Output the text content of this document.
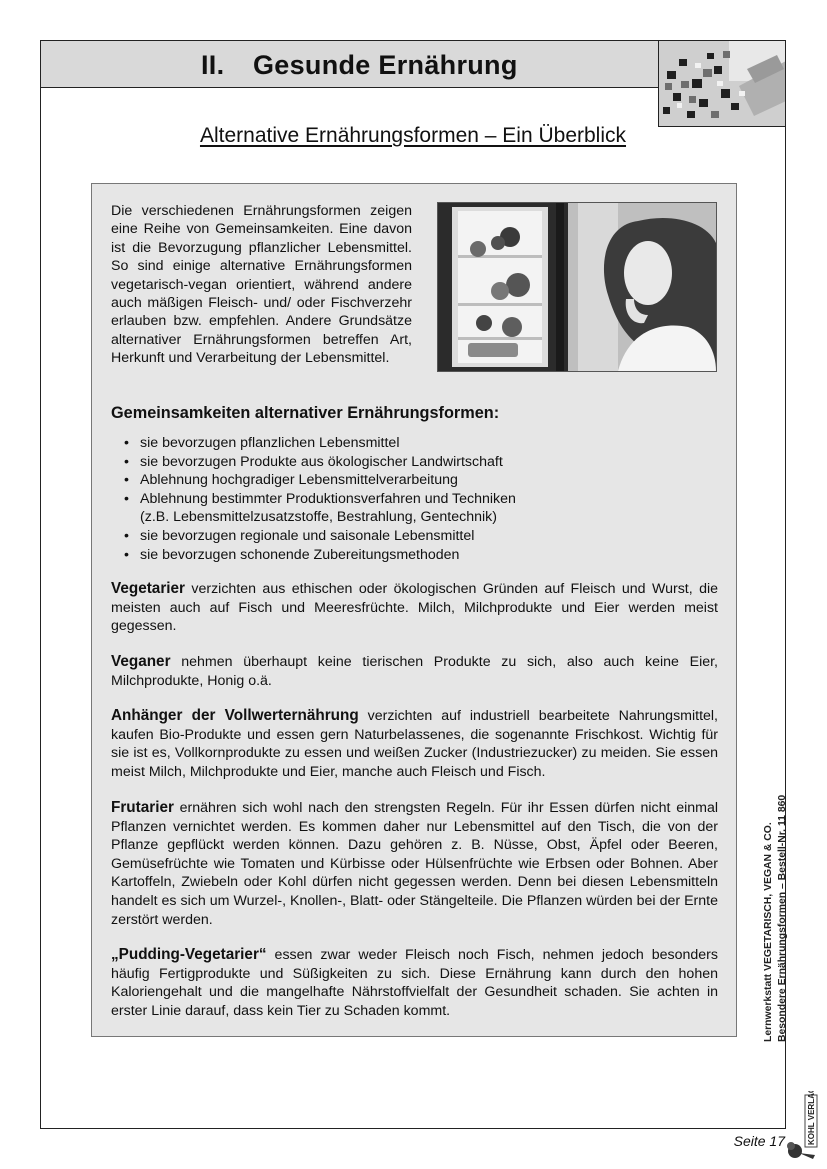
II. Gesunde Ernährung
Alternative Ernährungsformen – Ein Überblick
Die verschiedenen Ernährungsformen zeigen eine Reihe von Gemeinsamkeiten. Eine davon ist die Bevorzugung pflanzlicher Lebensmittel. So sind einige alternative Ernährungsformen vegetarisch-vegan orientiert, während andere auch mäßigen Fleisch- und/ oder Fischverzehr erlauben bzw. empfehlen. Andere Grundsätze alternativer Ernährungsformen betreffen Art, Herkunft und Verarbeitung der Lebensmittel.
Gemeinsamkeiten alternativer Ernährungsformen:
• sie bevorzugen pflanzlichen Lebensmittel
• sie bevorzugen Produkte aus ökologischer Landwirtschaft
• Ablehnung hochgradiger Lebensmittelverarbeitung
• Ablehnung bestimmter Produktionsverfahren und Techniken
(z.B. Lebensmittelzusatzstoffe, Bestrahlung, Gentechnik)
• sie bevorzugen regionale und saisonale Lebensmittel
• sie bevorzugen schonende Zubereitungsmethoden

Vegetarier verzichten aus ethischen oder ökologischen Gründen auf Fleisch und Wurst, die meisten auch auf Fisch und Meeresfrüchte. Milch, Milchprodukte und Eier werden meist gegessen.

Veganer nehmen überhaupt keine tierischen Produkte zu sich, also auch keine Eier, Milchprodukte, Honig o.ä.

Anhänger der Vollwerternährung verzichten auf industriell bearbeitete Nahrungsmittel, kaufen Bio-Produkte und essen gern Naturbelassenes, die sogenannte Frischkost. Wichtig für sie ist es, Vollkornprodukte zu essen und weißen Zucker (Industriezucker) zu meiden. Sie essen meist Milch, Milchprodukte und Eier, manche auch Fleisch und Fisch.

Frutarier ernähren sich wohl nach den strengsten Regeln. Für ihr Essen dürfen nicht einmal Pflanzen vernichtet werden. Es kommen daher nur Lebensmittel auf den Tisch, die von der Pflanze gepflückt werden können. Dazu gehören z. B. Nüsse, Obst, Äpfel oder Beeren, Gemüsefrüchte wie Tomaten und Kürbisse oder Hülsenfrüchte wie Erbsen oder Bohnen. Aber Kartoffeln, Zwiebeln oder Kohl dürfen nicht gegessen werden. Denn bei diesen Lebensmitteln handelt es sich um Wurzel-, Knollen-, Blatt- oder Stängelteile. Die Pflanzen würden bei der Ernte zerstört werden.

„Pudding-Vegetarier“ essen zwar weder Fleisch noch Fisch, nehmen jedoch besonders häufig Fertigprodukte und Süßigkeiten zu sich. Diese Ernährung kann durch den hohen Kaloriengehalt und die mangelhafte Nährstoffvielfalt der Gesundheit schaden. Sie achten in erster Linie darauf, dass kein Tier zu Schaden kommt.

KOHL VERLAG
Lernwerkstatt VEGETARISCH, VEGAN & CO. Besondere Ernährungsformen – Bestell-Nr. 11 860
Seite 17
